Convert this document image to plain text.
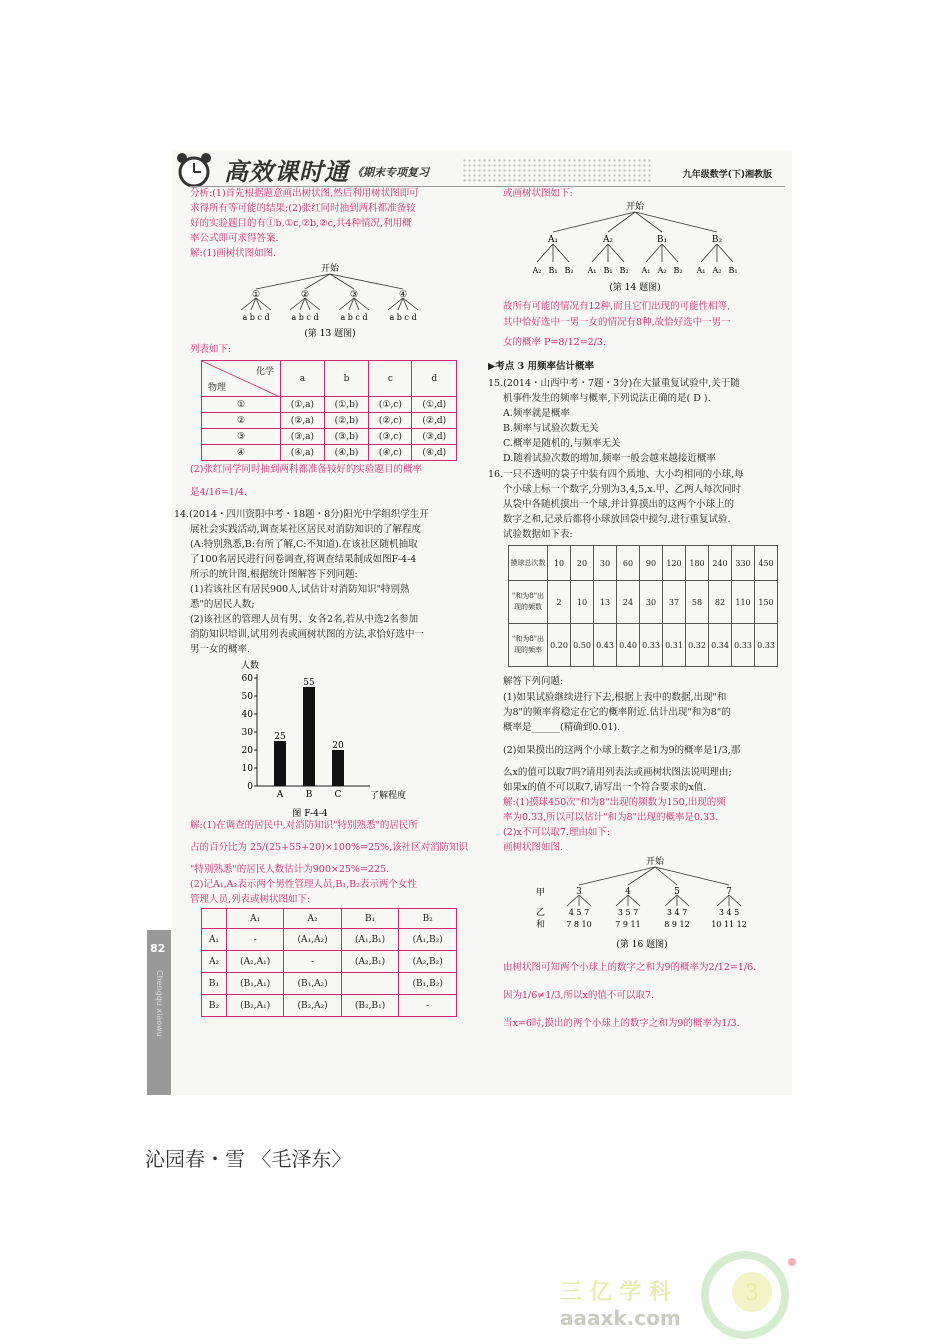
高效课时通 《期末专项复习	九年级数学(下)湘教版
分析:(1)首先根据题意画出树状图,然后利用树状图即可
求得所有等可能的结果;(2)张红同时抽到两科都准备较
好的实验题目的有①b,①c,②b,②c,共4种情况,利用概
率公式即可求得答案.
解:(1)画树状图如图.
开始
①	②	③	④
a b c d	a b c d	a b c d	a b c d
(第 13 题图)
列表如下:
化学
物理	a	b	c	d
①	(①,a)	(①,b)	(①,c)	(①,d)
②	(②,a)	(②,b)	(②,c)	(②,d)
③	(③,a)	(③,b)	(③,c)	(③,d)
④	(④,a)	(④,b)	(④,c)	(④,d)
(2)张红同学同时抽到两科都准备较好的实验题目的概率
是4/16=1/4.
14.(2014・四川资阳中考・18题・8分)阳光中学组织学生开
展社会实践活动,调查某社区居民对消防知识的了解程度
(A:特别熟悉,B:有所了解,C:不知道).在该社区随机抽取
了100名居民进行问卷调查,将调查结果制成如图F-4-4
所示的统计图,根据统计图解答下列问题:
(1)若该社区有居民900人,试估计对消防知识"特别熟
悉"的居民人数;
(2)该社区的管理人员有男、女各2名,若从中选2名参加
消防知识培训,试用列表或画树状图的方法,求恰好选中一
男一女的概率.
人数
0
10
20
30
40
50
60
25
A
55
B
20
C	了解程度
图 F-4-4
解:(1)在调查的居民中,对消防知识"特别熟悉"的居民所
占的百分比为 25/(25+55+20)×100%=25%,该社区对消防知识
"特别熟悉"的居民人数估计为900×25%=225.
(2)记A₁,A₂表示两个男性管理人员,B₁,B₂表示两个女性
管理人员,列表或树状图如下:
	A₁	A₂	B₁	B₂
A₁	-	(A₁,A₂)	(A₁,B₁)	(A₁,B₂)
A₂	(A₂,A₁)	-	(A₂,B₁)	(A₂,B₂)
B₁	(B₁,A₁)	(B₁,A₂)		(B₁,B₂)
B₂	(B₂,A₁)	(B₂,A₂)	(B₂,B₁)	-
或画树状图如下:
开始
A₁	A₂	B₁	B₂
A₂ B₁ B₂ A₁ B₁ B₂ A₁ A₂ B₂ A₁ A₂ B₁
(第 14 题图)
故所有可能的情况有12种,而且它们出现的可能性相等,
其中恰好选中一男一女的情况有8种,故恰好选中一男一
女的概率 P=8/12=2/3.
▶考点 3 用频率估计概率
15.(2014・山西中考・7题・3分)在大量重复试验中,关于随
机事件发生的频率与概率,下列说法正确的是( D ).
A.频率就是概率
B.频率与试验次数无关
C.概率是随机的,与频率无关
D.随着试验次数的增加,频率一般会越来越接近概率
16.一只不透明的袋子中装有四个质地、大小均相同的小球,每
个小球上标一个数字,分别为3,4,5,x.甲、乙两人每次同时
从袋中各随机摸出一个球,并计算摸出的这两个小球上的
数字之和,记录后都将小球放回袋中搅匀,进行重复试验.
试验数据如下表:
摸球总次数	10	20	30	60	90	120	180	240	330	450
"和为8"出现的频数	2	10	13	24	30	37	58	82	110	150
"和为8"出现的频率	0.20	0.50	0.43	0.40	0.33	0.31	0.32	0.34	0.33	0.33
解答下列问题:
(1)如果试验继续进行下去,根据上表中的数据,出现"和
为8"的频率将稳定在它的概率附近.估计出现"和为8"的
概率是______(精确到0.01).
(2)如果摸出的这两个小球上数字之和为9的概率是1/3,那
么x的值可以取7吗?请用列表法或画树状图法说明理由;
如果x的值不可以取7,请写出一个符合要求的x值.
解:(1)摸球450次"和为8"出现的频数为150,出现的频
率为0.33,所以可以估计"和为8"出现的概率是0.33.
(2)x不可以取7.理由如下:
画树状图如图.
开始
甲
乙
和
3	4	5	7
4 5 7	3 5 7	3 4 7	3 4 5
7 8 10	7 9 11	8 9 12	10 11 12
(第 16 题图)
由树状图可知两个小球上的数字之和为9的概率为2/12=1/6.
因为1/6≠1/3,所以x的值不可以取7.
当x=6时,摸出的两个小球上的数字之和为9的概率为1/3.
82
Chengqu xiaowu
沁园春・雪 〈毛泽东〉
3
三 亿 学 科
aaaxk.com
